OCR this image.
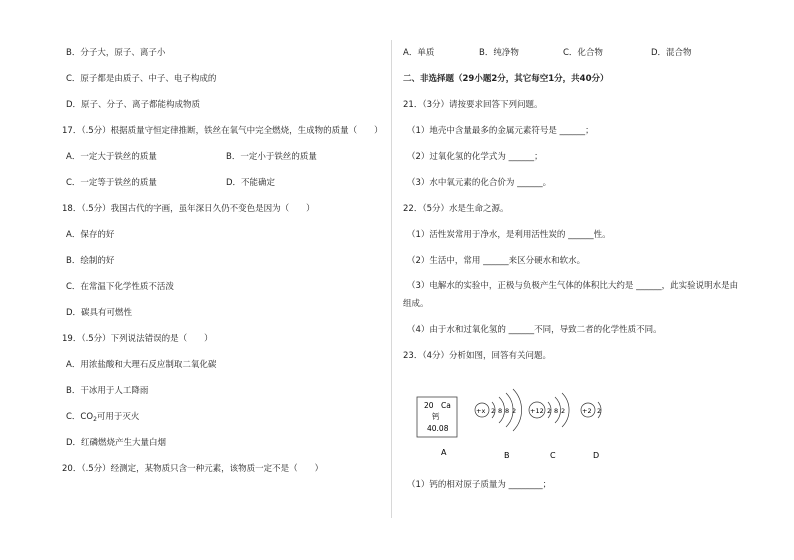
B．分子大，原子、离子小
C．原子都是由质子、中子、电子构成的
D．原子、分子、离子都能构成物质
17．（.5分）根据质量守恒定律推断，铁丝在氧气中完全燃烧，生成物的质量（　　）
A．一定大于铁丝的质量	B．一定小于铁丝的质量
C．一定等于铁丝的质量	D．不能确定
18．（.5分）我国古代的字画，虽年深日久仍不变色是因为（　　）
A．保存的好
B．绘制的好
C．在常温下化学性质不活泼
D．碳具有可燃性
19．（.5分）下列说法错误的是（　　）
A．用浓盐酸和大理石反应制取二氧化碳
B．干冰用于人工降雨
C．$CO_2$可用于灭火
D．红磷燃烧产生大量白烟
20．（.5分）经测定，某物质只含一种元素，该物质一定不是（　　）
A．单质	B．纯净物	C．化合物	D．混合物
二、非选择题（29小题2分，其它每空1分，共40分）
21．（3分）请按要求回答下列问题。
（1）地壳中含量最多的金属元素符号是 ______；
（2）过氧化氢的化学式为 ______；
（3）水中氧元素的化合价为 ______。
22．（5分）水是生命之源。
（1）活性炭常用于净水，是利用活性炭的 ______性。
（2）生活中，常用 ______来区分硬水和软水。
（3）电解水的实验中，正极与负极产生气体的体积比大约是 ______，此实验说明水是由
组成。
（4）由于水和过氧化氢的 ______不同，导致二者的化学性质不同。
23．（4分）分析如图，回答有关问题。
20 Ca
钙
40.08
A
+x 2 8 8 2
B
+12 2 8 2
C
+2 2
D
（1）钙的相对原子质量为 ________；
